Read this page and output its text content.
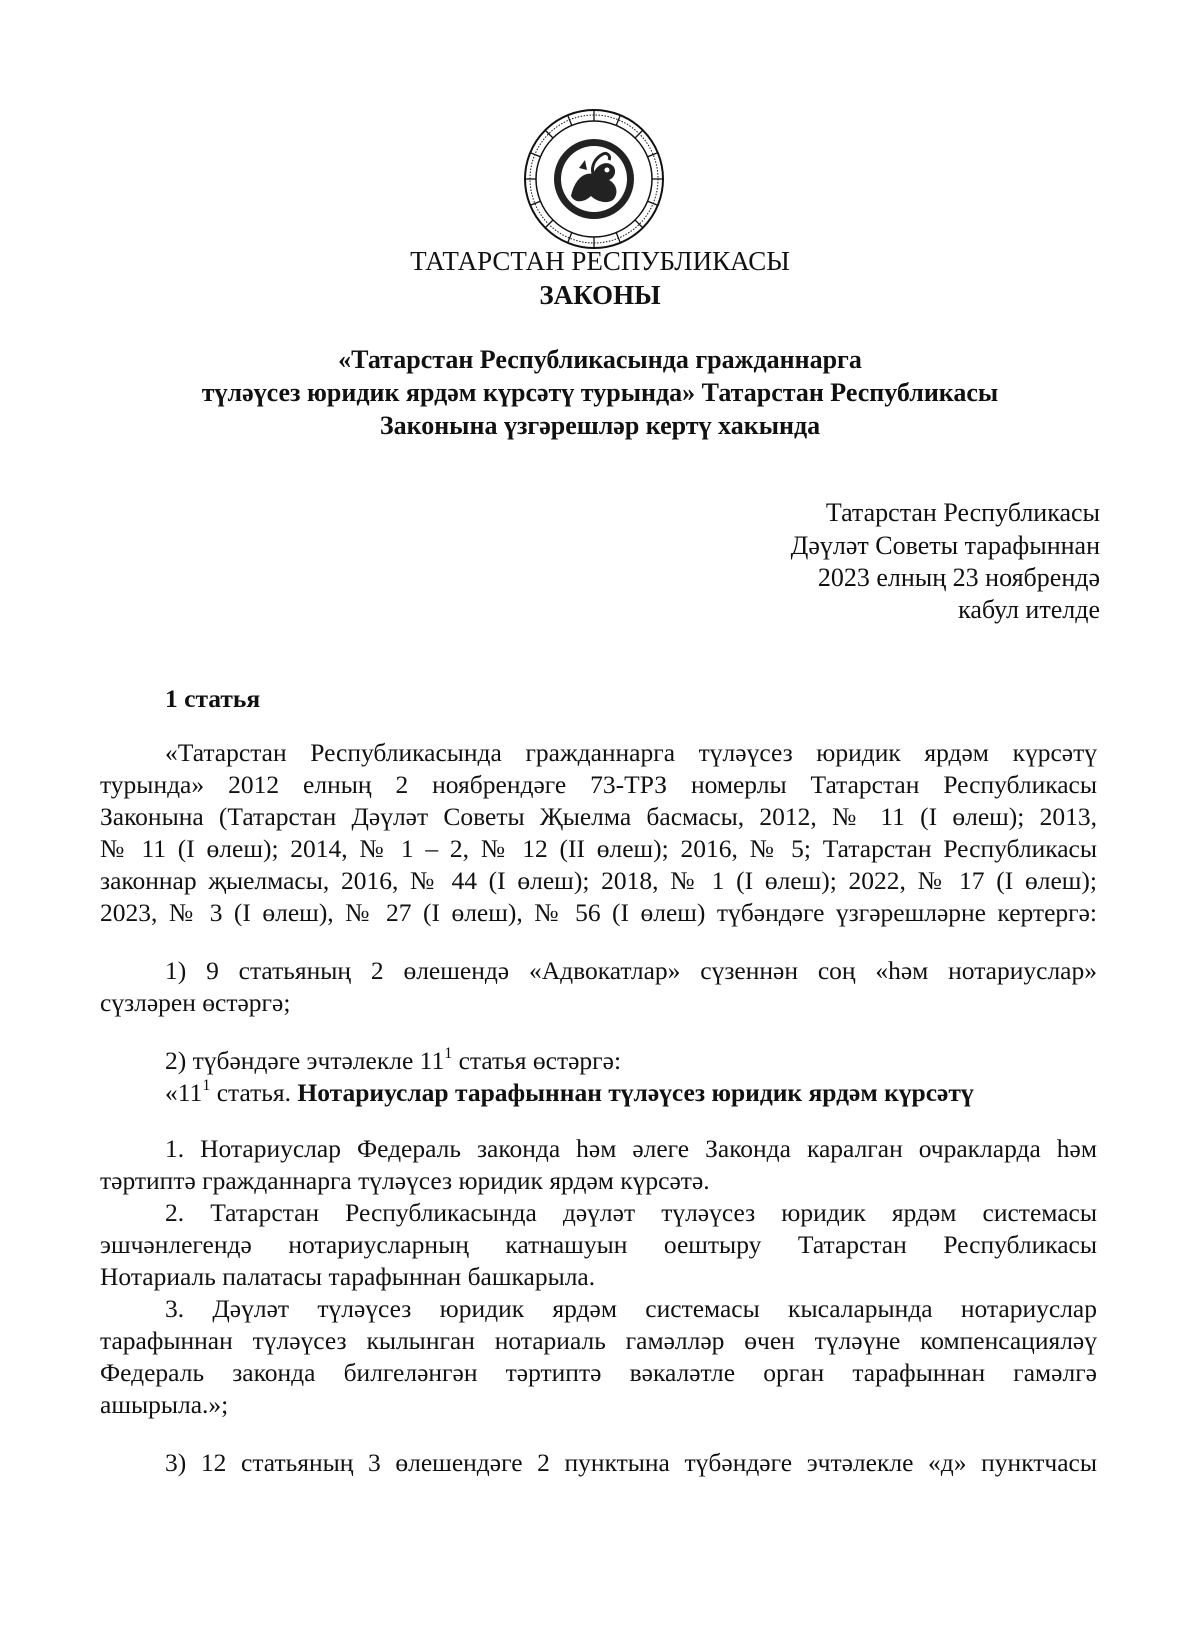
ТАТАРСТАН РЕСПУБЛИКАСЫ
ЗАКОНЫ
«Татарстан Республикасында гражданнарга
түләүсез юридик ярдәм күрсәтү турында» Татарстан Республикасы
Законына үзгәрешләр кертү хакында
Татарстан Республикасы
Дәүләт Советы тарафыннан
2023 елның 23 ноябрендә
кабул ителде
1 статья
«Татарстан Республикасында гражданнарга түләүсез юридик ярдәм күрсәтү
турында» 2012 елның 2 ноябрендәге 73-ТРЗ номерлы Татарстан Республикасы
Законына (Татарстан Дәүләт Советы Җыелма басмасы, 2012, № 11 (I өлеш); 2013,
№ 11 (I өлеш); 2014, № 1 – 2, № 12 (II өлеш); 2016, № 5; Татарстан Республикасы
законнар җыелмасы, 2016, № 44 (I өлеш); 2018, № 1 (I өлеш); 2022, № 17 (I өлеш);
2023, № 3 (I өлеш), № 27 (I өлеш), № 56 (I өлеш) түбәндәге үзгәрешләрне кертергә:
1) 9 статьяның 2 өлешендә «Адвокатлар» сүзеннән соң «һәм нотариуслар»
сүзләрен өстәргә;
2) түбәндәге эчтәлекле $11^1$ статья өстәргә:
«$11^1$ статья. Нотариуслар тарафыннан түләүсез юридик ярдәм күрсәтү
1. Нотариуслар Федераль законда һәм әлеге Законда каралган очракларда һәм
тәртиптә гражданнарга түләүсез юридик ярдәм күрсәтә.
2. Татарстан Республикасында дәүләт түләүсез юридик ярдәм системасы
эшчәнлегендә нотариусларның катнашуын оештыру Татарстан Республикасы
Нотариаль палатасы тарафыннан башкарыла.
3. Дәүләт түләүсез юридик ярдәм системасы кысаларында нотариуслар
тарафыннан түләүсез кылынган нотариаль гамәлләр өчен түләүне компенсацияләү
Федераль законда билгеләнгән тәртиптә вәкаләтле орган тарафыннан гамәлгә
ашырыла.»;
3) 12 статьяның 3 өлешендәге 2 пунктына түбәндәге эчтәлекле «д» пунктчасы
